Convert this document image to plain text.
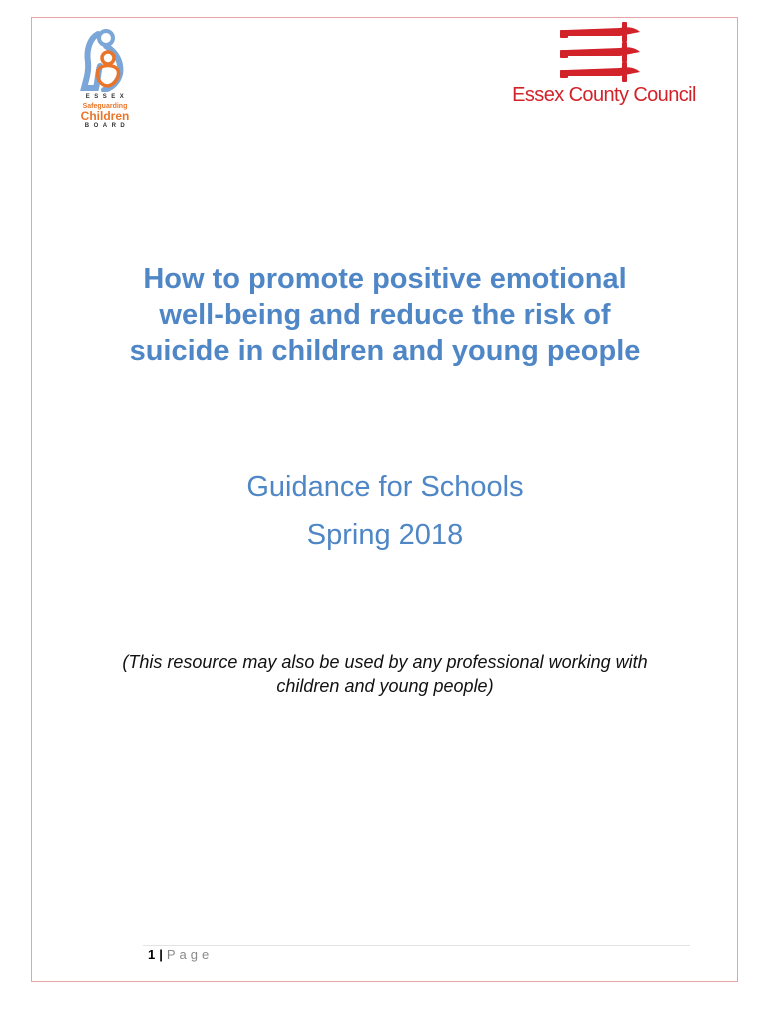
ESSEX
Safeguarding
Children
BOARD
Essex County Council
How to promote positive emotional well-being and reduce the risk of suicide in children and young people

Guidance for Schools

Spring 2018

(This resource may also be used by any professional working with children and young people)

1 | Page
